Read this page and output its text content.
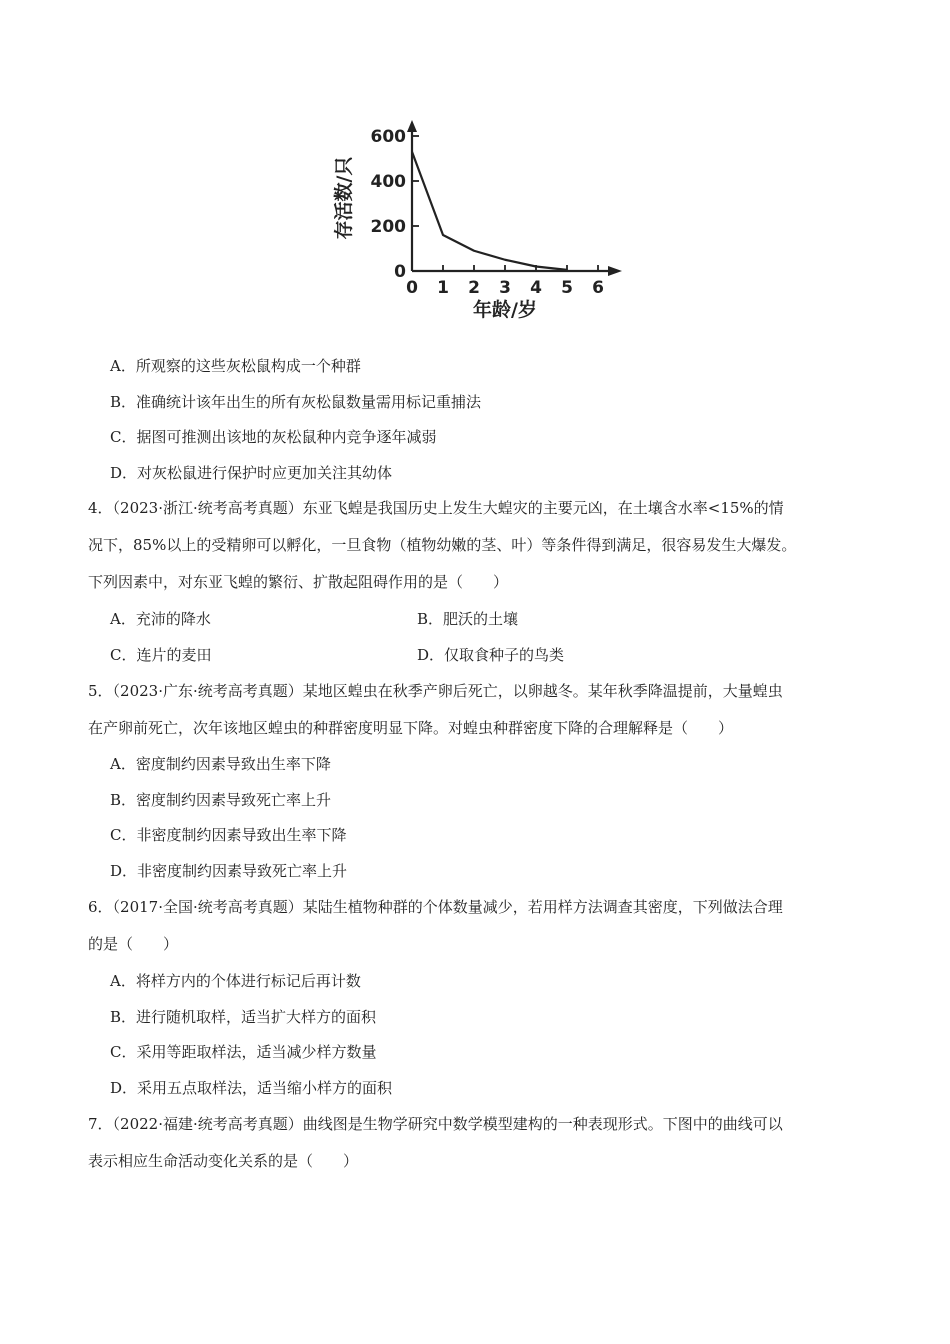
600
400
200
0
0 1 2 3 4 5 6
存活数/只
年龄/岁
A．所观察的这些灰松鼠构成一个种群
B．准确统计该年出生的所有灰松鼠数量需用标记重捕法
C．据图可推测出该地的灰松鼠种内竞争逐年减弱
D．对灰松鼠进行保护时应更加关注其幼体
4．（2023·浙江·统考高考真题）东亚飞蝗是我国历史上发生大蝗灾的主要元凶，在土壤含水率<15%的情
况下，85%以上的受精卵可以孵化，一旦食物（植物幼嫩的茎、叶）等条件得到满足，很容易发生大爆发。
下列因素中，对东亚飞蝗的繁衍、扩散起阻碍作用的是（　　）
A．充沛的降水	B．肥沃的土壤
C．连片的麦田	D．仅取食种子的鸟类
5．（2023·广东·统考高考真题）某地区蝗虫在秋季产卵后死亡，以卵越冬。某年秋季降温提前，大量蝗虫
在产卵前死亡，次年该地区蝗虫的种群密度明显下降。对蝗虫种群密度下降的合理解释是（　　）
A．密度制约因素导致出生率下降
B．密度制约因素导致死亡率上升
C．非密度制约因素导致出生率下降
D．非密度制约因素导致死亡率上升
6．（2017·全国·统考高考真题）某陆生植物种群的个体数量减少，若用样方法调查其密度，下列做法合理
的是（　　）
A．将样方内的个体进行标记后再计数
B．进行随机取样，适当扩大样方的面积
C．采用等距取样法，适当减少样方数量
D．采用五点取样法，适当缩小样方的面积
7．（2022·福建·统考高考真题）曲线图是生物学研究中数学模型建构的一种表现形式。下图中的曲线可以
表示相应生命活动变化关系的是（　　）
